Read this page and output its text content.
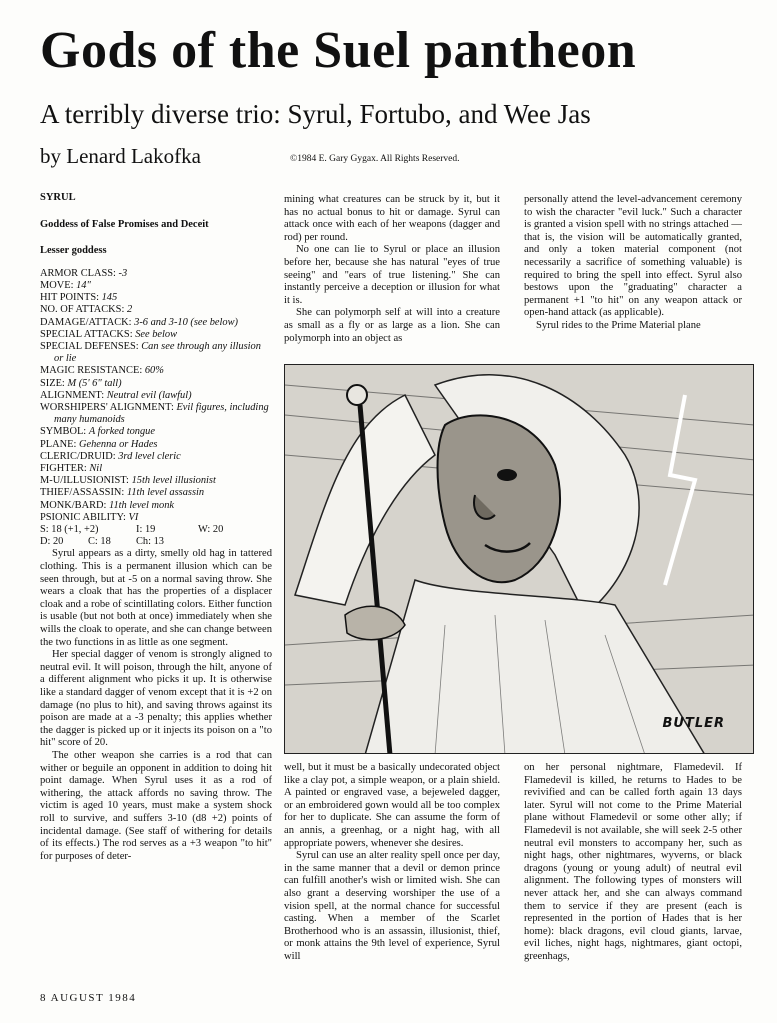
Gods of the Suel pantheon
A terribly diverse trio: Syrul, Fortubo, and Wee Jas
by Lenard Lakofka	©1984 E. Gary Gygax. All Rights Reserved.
SYRUL
Goddess of False Promises and Deceit
Lesser goddess
ARMOR CLASS: -3
MOVE: 14"
HIT POINTS: 145
NO. OF ATTACKS: 2
DAMAGE/ATTACK: 3-6 and 3-10 (see below)
SPECIAL ATTACKS: See below
SPECIAL DEFENSES: Can see through any illusion or lie
MAGIC RESISTANCE: 60%
SIZE: M (5' 6" tall)
ALIGNMENT: Neutral evil (lawful)
WORSHIPERS' ALIGNMENT: Evil figures, including many humanoids
SYMBOL: A forked tongue
PLANE: Gehenna or Hades
CLERIC/DRUID: 3rd level cleric
FIGHTER: Nil
M-U/ILLUSIONIST: 15th level illusionist
THIEF/ASSASSIN: 11th level assassin
MONK/BARD: 11th level monk
PSIONIC ABILITY: VI
S: 18 (+1, +2)	I: 19	W: 20
D: 20	C: 18	Ch: 13

Syrul appears as a dirty, smelly old hag in tattered clothing. This is a permanent illusion which can be seen through, but at -5 on a normal saving throw. She wears a cloak that has the properties of a displacer cloak and a robe of scintillating colors. Either function is usable (but not both at once) immediately when she wills the cloak to operate, and she can change between the two functions in as little as one segment.

Her special dagger of venom is strongly aligned to neutral evil. It will poison, through the hilt, anyone of a different alignment who picks it up. It is otherwise like a standard dagger of venom except that it is +2 on damage (no plus to hit), and saving throws against its poison are made at a -3 penalty; this applies whether the dagger is picked up or it injects its poison on a "to hit" score of 20.

The other weapon she carries is a rod that can wither or beguile an opponent in addition to doing hit point damage. When Syrul uses it as a rod of withering, the attack affords no saving throw. The victim is aged 10 years, must make a system shock roll to survive, and suffers 3-10 (d8 +2) points of incidental damage. (See staff of withering for details of its effects.) The rod serves as a +3 weapon "to hit" for purposes of deter-

mining what creatures can be struck by it, but it has no actual bonus to hit or damage. Syrul can attack once with each of her weapons (dagger and rod) per round.

No one can lie to Syrul or place an illusion before her, because she has natural "eyes of true seeing" and "ears of true listening." She can instantly perceive a deception or illusion for what it is.

She can polymorph self at will into a creature as small as a fly or as large as a lion. She can polymorph into an object as

personally attend the level-advancement ceremony to wish the character "evil luck." Such a character is granted a vision spell with no strings attached — that is, the vision will be automatically granted, and only a token material component (not necessarily a sacrifice of something valuable) is required to bring the spell into effect. Syrul also bestows upon the "graduating" character a permanent +1 "to hit" on any weapon attack or open-hand attack (as applicable).

Syrul rides to the Prime Material plane

BUTLER

well, but it must be a basically undecorated object like a clay pot, a simple weapon, or a plain shield. A painted or engraved vase, a bejeweled dagger, or an embroidered gown would all be too complex for her to duplicate. She can assume the form of an annis, a greenhag, or a night hag, with all appropriate powers, whenever she desires.

Syrul can use an alter reality spell once per day, in the same manner that a devil or demon prince can fulfill another's wish or limited wish. She can also grant a deserving worshiper the use of a vision spell, at the normal chance for successful casting. When a member of the Scarlet Brotherhood who is an assassin, illusionist, thief, or monk attains the 9th level of experience, Syrul will

on her personal nightmare, Flamedevil. If Flamedevil is killed, he returns to Hades to be revivified and can be called forth again 13 days later. Syrul will not come to the Prime Material plane without Flamedevil or some other ally; if Flamedevil is not available, she will seek 2-5 other neutral evil monsters to accompany her, such as night hags, other nightmares, wyverns, or black dragons (young or young adult) of neutral evil alignment. The following types of monsters will never attack her, and she can always command them to service if they are present (each is represented in the portion of Hades that is her home): black dragons, evil cloud giants, larvae, evil liches, night hags, nightmares, giant octopi, greenhags,

8 AUGUST 1984
